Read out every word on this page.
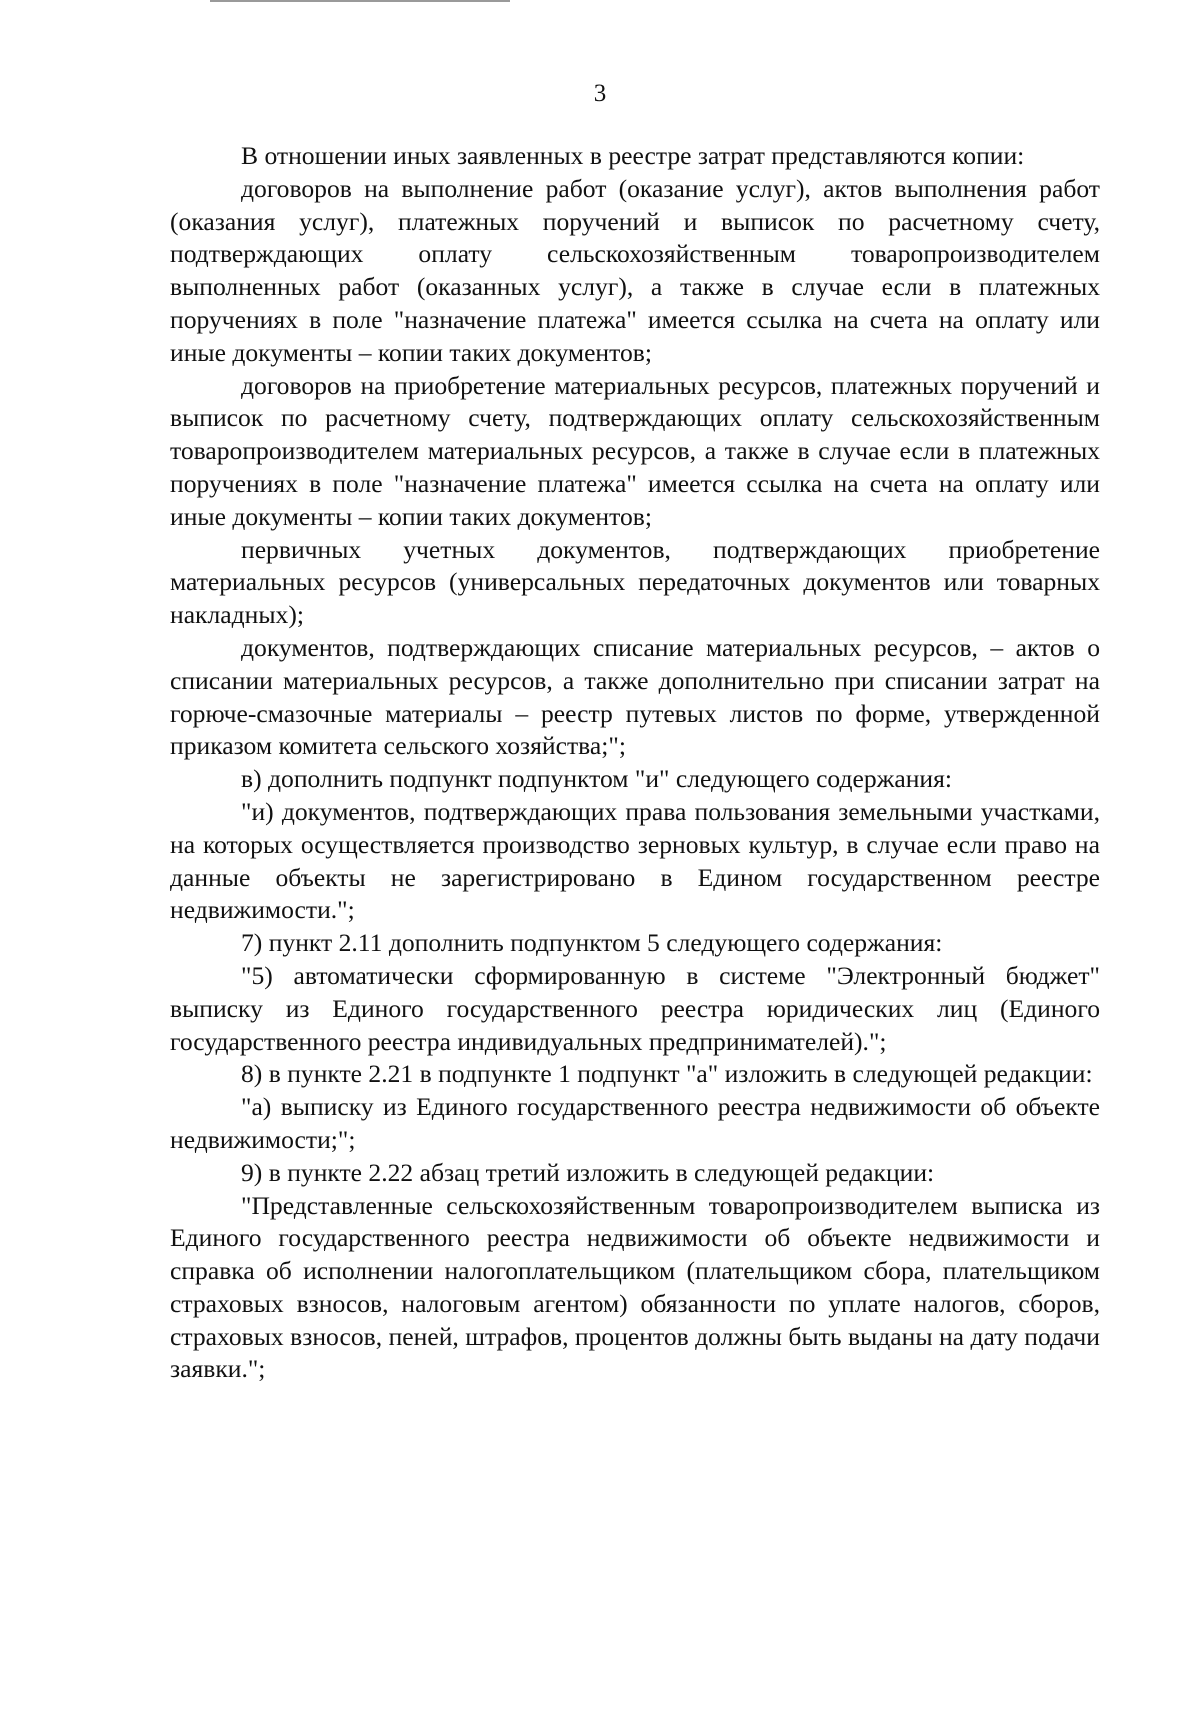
3

В отношении иных заявленных в реестре затрат представляются копии:

договоров на выполнение работ (оказание услуг), актов выполнения работ (оказания услуг), платежных поручений и выписок по расчетному счету, подтверждающих оплату сельскохозяйственным товаропроизводителем выполненных работ (оказанных услуг), а также в случае если в платежных поручениях в поле "назначение платежа" имеется ссылка на счета на оплату или иные документы – копии таких документов;

договоров на приобретение материальных ресурсов, платежных поручений и выписок по расчетному счету, подтверждающих оплату сельскохозяйственным товаропроизводителем материальных ресурсов, а также в случае если в платежных поручениях в поле "назначение платежа" имеется ссылка на счета на оплату или иные документы – копии таких документов;

первичных учетных документов, подтверждающих приобретение материальных ресурсов (универсальных передаточных документов или товарных накладных);

документов, подтверждающих списание материальных ресурсов, – актов о списании материальных ресурсов, а также дополнительно при списании затрат на горюче-смазочные материалы – реестр путевых листов по форме, утвержденной приказом комитета сельского хозяйства;";

в) дополнить подпункт подпунктом "и" следующего содержания:

"и) документов, подтверждающих права пользования земельными участками, на которых осуществляется производство зерновых культур, в случае если право на данные объекты не зарегистрировано в Едином государственном реестре недвижимости.";

7) пункт 2.11 дополнить подпунктом 5 следующего содержания:

"5) автоматически сформированную в системе "Электронный бюджет" выписку из Единого государственного реестра юридических лиц (Единого государственного реестра индивидуальных предпринимателей).";

8) в пункте 2.21 в подпункте 1 подпункт "а" изложить в следующей редакции:

"а) выписку из Единого государственного реестра недвижимости об объекте недвижимости;";

9) в пункте 2.22 абзац третий изложить в следующей редакции:

"Представленные сельскохозяйственным товаропроизводителем выписка из Единого государственного реестра недвижимости об объекте недвижимости и справка об исполнении налогоплательщиком (плательщиком сбора, плательщиком страховых взносов, налоговым агентом) обязанности по уплате налогов, сборов, страховых взносов, пеней, штрафов, процентов должны быть выданы на дату подачи заявки.";
